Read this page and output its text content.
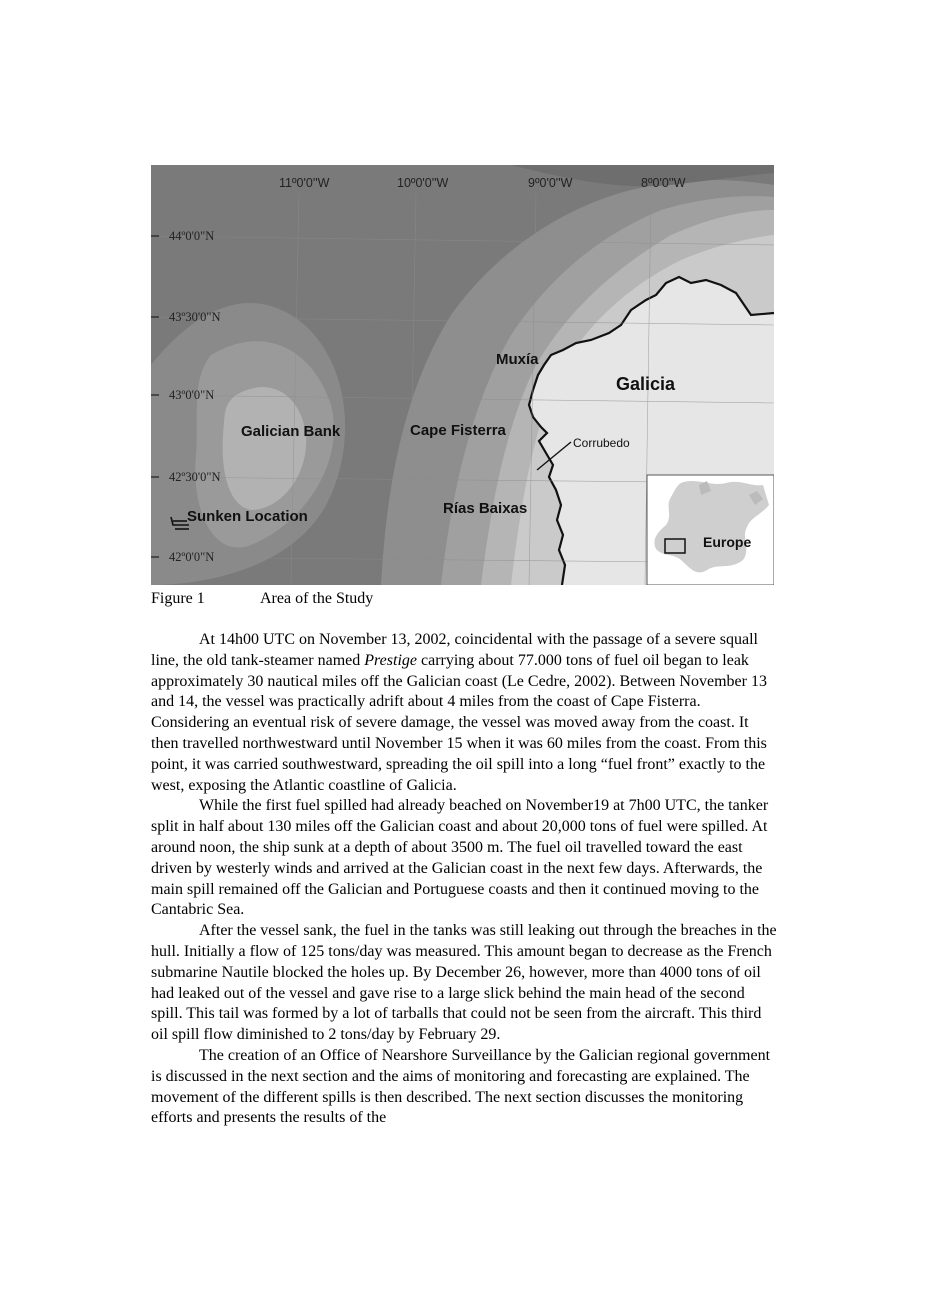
11º0'0''W	10º0'0''W	9º0'0''W	8º0'0''W
44º0'0"N
43º30'0"N
43º0'0"N
42º30'0"N
42º0'0"N
Muxía
Galicia
Galician Bank	Cape Fisterra
Corrubedo
Rías Baixas
Sunken Location
Europe
Figure 1	Area of the Study

At 14h00 UTC on November 13, 2002, coincidental with the passage of a severe squall line, the old tank-steamer named Prestige carrying about 77.000 tons of fuel oil began to leak approximately 30 nautical miles off the Galician coast (Le Cedre, 2002). Between November 13 and 14, the vessel was practically adrift about 4 miles from the coast of Cape Fisterra. Considering an eventual risk of severe damage, the vessel was moved away from the coast. It then travelled northwestward until November 15 when it was 60 miles from the coast. From this point, it was carried southwestward, spreading the oil spill into a long “fuel front” exactly to the west, exposing the Atlantic coastline of Galicia.

While the first fuel spilled had already beached on November19 at 7h00 UTC, the tanker split in half about 130 miles off the Galician coast and about 20,000 tons of fuel were spilled. At around noon, the ship sunk at a depth of about 3500 m. The fuel oil travelled toward the east driven by westerly winds and arrived at the Galician coast in the next few days. Afterwards, the main spill remained off the Galician and Portuguese coasts and then it continued moving to the Cantabric Sea.

After the vessel sank, the fuel in the tanks was still leaking out through the breaches in the hull. Initially a flow of 125 tons/day was measured. This amount began to decrease as the French submarine Nautile blocked the holes up. By December 26, however, more than 4000 tons of oil had leaked out of the vessel and gave rise to a large slick behind the main head of the second spill. This tail was formed by a lot of tarballs that could not be seen from the aircraft. This third oil spill flow diminished to 2 tons/day by February 29.

The creation of an Office of Nearshore Surveillance by the Galician regional government is discussed in the next section and the aims of monitoring and forecasting are explained. The movement of the different spills is then described. The next section discusses the monitoring efforts and presents the results of the
